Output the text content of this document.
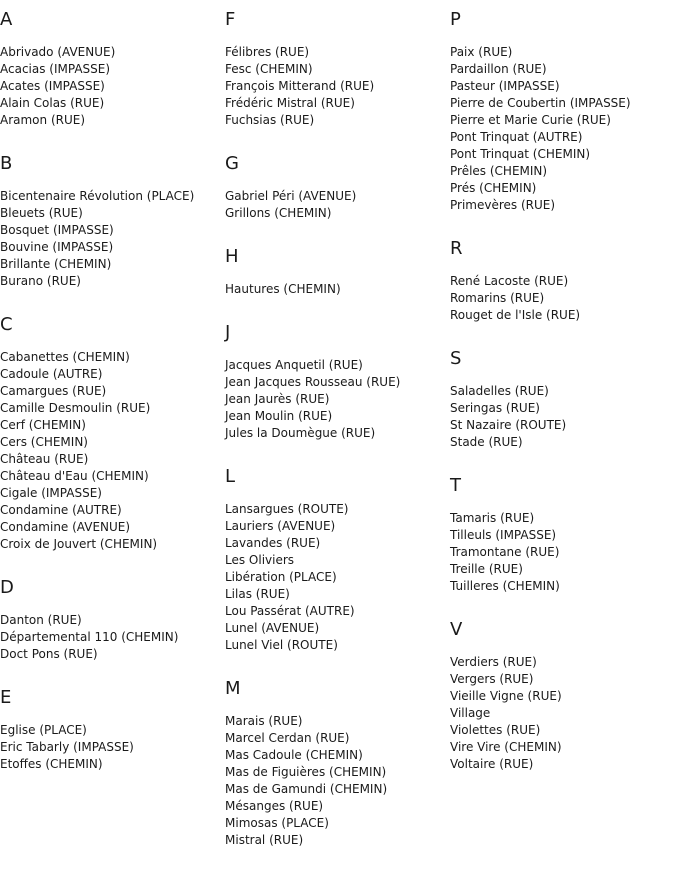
A
Abrivado (AVENUE)
Acacias (IMPASSE)
Acates (IMPASSE)
Alain Colas (RUE)
Aramon (RUE)
B
Bicentenaire Révolution (PLACE)
Bleuets (RUE)
Bosquet (IMPASSE)
Bouvine (IMPASSE)
Brillante (CHEMIN)
Burano (RUE)
C
Cabanettes (CHEMIN)
Cadoule (AUTRE)
Camargues (RUE)
Camille Desmoulin (RUE)
Cerf (CHEMIN)
Cers (CHEMIN)
Château (RUE)
Château d'Eau (CHEMIN)
Cigale (IMPASSE)
Condamine (AUTRE)
Condamine (AVENUE)
Croix de Jouvert (CHEMIN)
D
Danton (RUE)
Départemental 110 (CHEMIN)
Doct Pons (RUE)
E
Eglise (PLACE)
Eric Tabarly (IMPASSE)
Etoffes (CHEMIN)
F
Félibres (RUE)
Fesc (CHEMIN)
François Mitterand (RUE)
Frédéric Mistral (RUE)
Fuchsias (RUE)
G
Gabriel Péri (AVENUE)
Grillons (CHEMIN)
H
Hautures (CHEMIN)
J
Jacques Anquetil (RUE)
Jean Jacques Rousseau (RUE)
Jean Jaurès (RUE)
Jean Moulin (RUE)
Jules la Doumègue (RUE)
L
Lansargues (ROUTE)
Lauriers (AVENUE)
Lavandes (RUE)
Les Oliviers
Libération (PLACE)
Lilas (RUE)
Lou Passérat (AUTRE)
Lunel (AVENUE)
Lunel Viel (ROUTE)
M
Marais (RUE)
Marcel Cerdan (RUE)
Mas Cadoule (CHEMIN)
Mas de Figuières (CHEMIN)
Mas de Gamundi (CHEMIN)
Mésanges (RUE)
Mimosas (PLACE)
Mistral (RUE)
P
Paix (RUE)
Pardaillon (RUE)
Pasteur (IMPASSE)
Pierre de Coubertin (IMPASSE)
Pierre et Marie Curie (RUE)
Pont Trinquat (AUTRE)
Pont Trinquat (CHEMIN)
Prêles (CHEMIN)
Prés (CHEMIN)
Primevères (RUE)
R
René Lacoste (RUE)
Romarins (RUE)
Rouget de l'Isle (RUE)
S
Saladelles (RUE)
Seringas (RUE)
St Nazaire (ROUTE)
Stade (RUE)
T
Tamaris (RUE)
Tilleuls (IMPASSE)
Tramontane (RUE)
Treille (RUE)
Tuilleres (CHEMIN)
V
Verdiers (RUE)
Vergers (RUE)
Vieille Vigne (RUE)
Village
Violettes (RUE)
Vire Vire (CHEMIN)
Voltaire (RUE)
